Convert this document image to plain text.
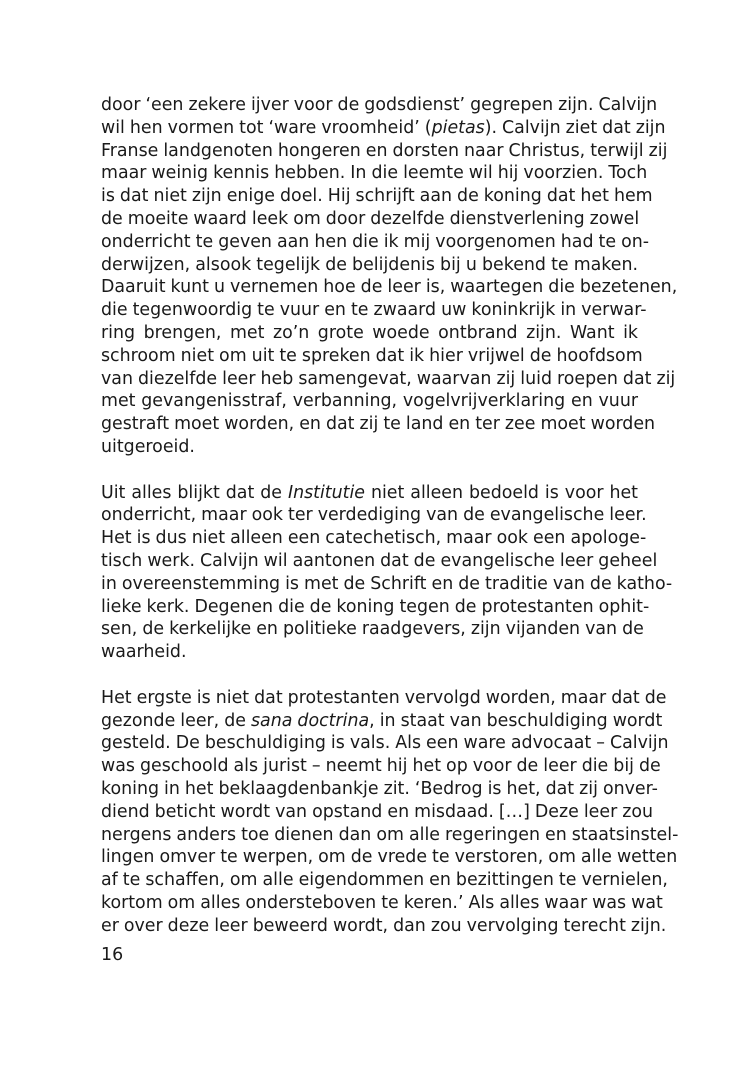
door ‘een zekere ijver voor de godsdienst’ gegrepen zijn. Calvijn
wil hen vormen tot ‘ware vroomheid’ (pietas). Calvijn ziet dat zijn
Franse landgenoten hongeren en dorsten naar Christus, terwijl zij
maar weinig kennis hebben. In die leemte wil hij voorzien. Toch
is dat niet zijn enige doel. Hij schrijft aan de koning dat het hem
de moeite waard leek om door dezelfde dienstverlening zowel
onderricht te geven aan hen die ik mij voorgenomen had te on-
derwijzen, alsook tegelijk de belijdenis bij u bekend te maken.
Daaruit kunt u vernemen hoe de leer is, waartegen die bezetenen,
die tegenwoordig te vuur en te zwaard uw koninkrijk in verwar-
ring brengen, met zo’n grote woede ontbrand zijn. Want ik
schroom niet om uit te spreken dat ik hier vrijwel de hoofdsom
van diezelfde leer heb samengevat, waarvan zij luid roepen dat zij
met gevangenisstraf, verbanning, vogelvrijverklaring en vuur
gestraft moet worden, en dat zij te land en ter zee moet worden
uitgeroeid.

Uit alles blijkt dat de Institutie niet alleen bedoeld is voor het
onderricht, maar ook ter verdediging van de evangelische leer.
Het is dus niet alleen een catechetisch, maar ook een apologe-
tisch werk. Calvijn wil aantonen dat de evangelische leer geheel
in overeenstemming is met de Schrift en de traditie van de katho-
lieke kerk. Degenen die de koning tegen de protestanten ophit-
sen, de kerkelijke en politieke raadgevers, zijn vijanden van de
waarheid.

Het ergste is niet dat protestanten vervolgd worden, maar dat de
gezonde leer, de sana doctrina, in staat van beschuldiging wordt
gesteld. De beschuldiging is vals. Als een ware advocaat – Calvijn
was geschoold als jurist – neemt hij het op voor de leer die bij de
koning in het beklaagdenbankje zit. ‘Bedrog is het, dat zij onver-
diend beticht wordt van opstand en misdaad. […] Deze leer zou
nergens anders toe dienen dan om alle regeringen en staatsinstel-
lingen omver te werpen, om de vrede te verstoren, om alle wetten
af te schaffen, om alle eigendommen en bezittingen te vernielen,
kortom om alles ondersteboven te keren.’ Als alles waar was wat
er over deze leer beweerd wordt, dan zou vervolging terecht zijn.

16
